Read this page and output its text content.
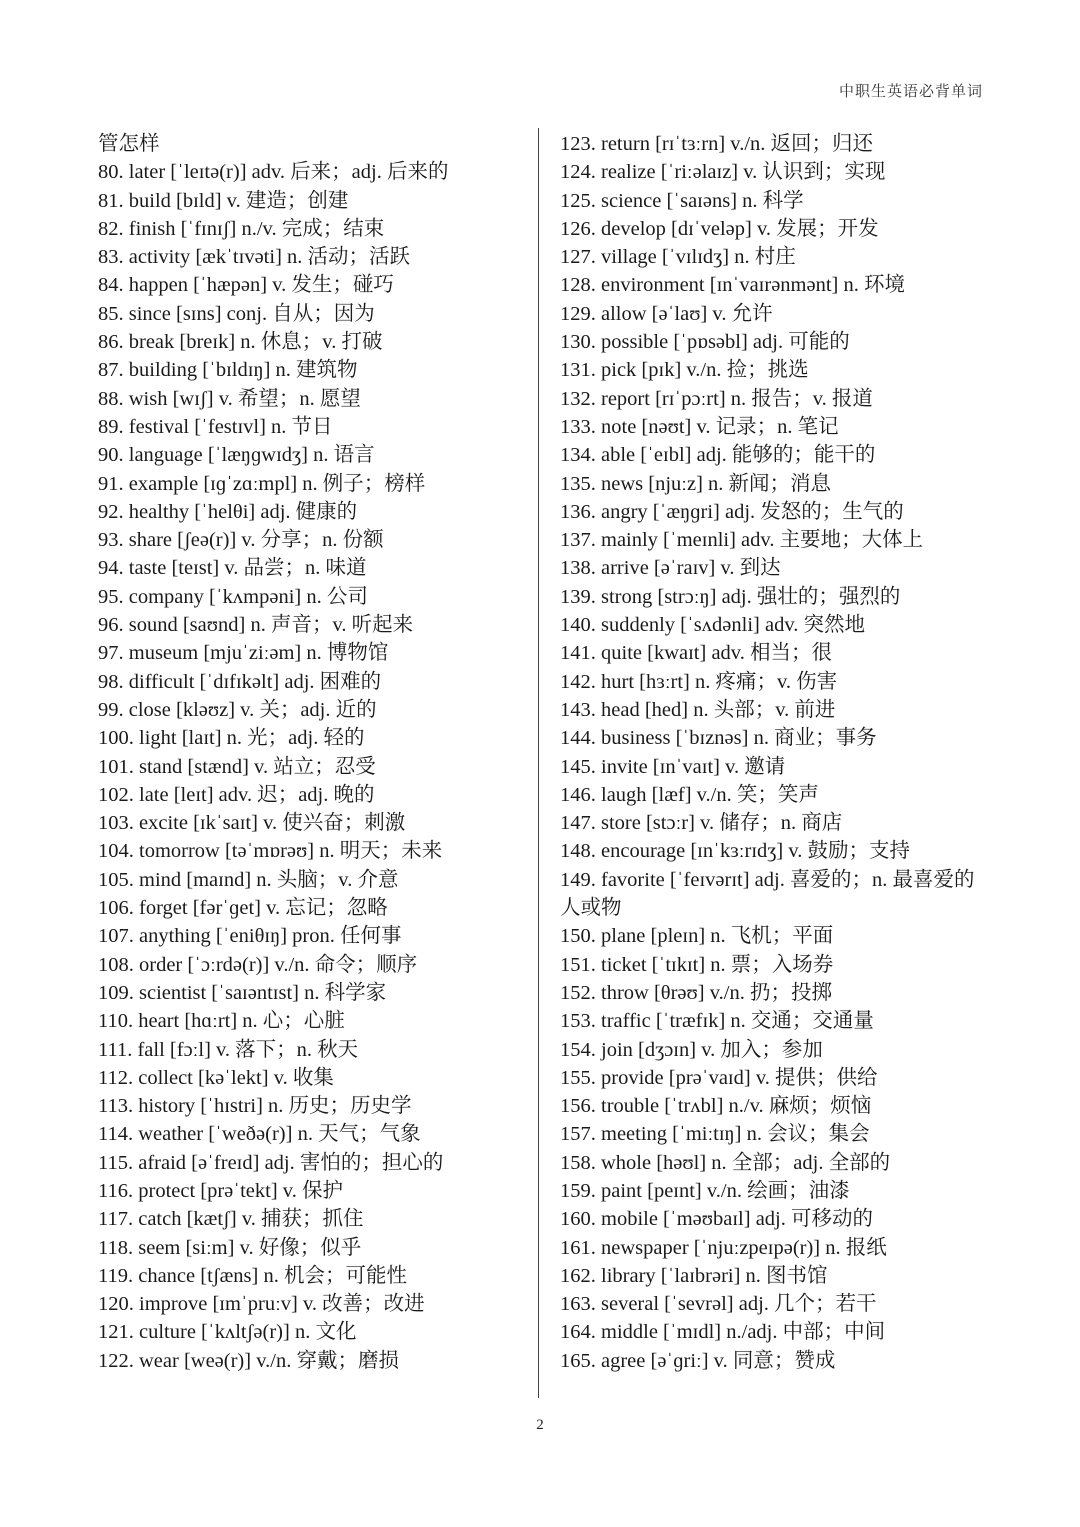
中职生英语必背单词
管怎样
80. later [ˈleɪtə(r)] adv. 后来；adj. 后来的
81. build [bɪld] v. 建造；创建
82. finish [ˈfɪnɪʃ] n./v. 完成；结束
83. activity [ækˈtɪvəti] n. 活动；活跃
84. happen [ˈhæpən] v. 发生；碰巧
85. since [sɪns] conj. 自从；因为
86. break [breɪk] n. 休息；v. 打破
87. building [ˈbɪldɪŋ] n. 建筑物
88. wish [wɪʃ] v. 希望；n. 愿望
89. festival [ˈfestɪvl] n. 节日
90. language [ˈlæŋɡwɪdʒ] n. 语言
91. example [ɪɡˈzɑːmpl] n. 例子；榜样
92. healthy [ˈhelθi] adj. 健康的
93. share [ʃeə(r)] v. 分享；n. 份额
94. taste [teɪst] v. 品尝；n. 味道
95. company [ˈkʌmpəni] n. 公司
96. sound [saʊnd] n. 声音；v. 听起来
97. museum [mjuˈziːəm] n. 博物馆
98. difficult [ˈdɪfɪkəlt] adj. 困难的
99. close [kləʊz] v. 关；adj. 近的
100. light [laɪt] n. 光；adj. 轻的
101. stand [stænd] v. 站立；忍受
102. late [leɪt] adv. 迟；adj. 晚的
103. excite [ɪkˈsaɪt] v. 使兴奋；刺激
104. tomorrow [təˈmɒrəʊ] n. 明天；未来
105. mind [maɪnd] n. 头脑；v. 介意
106. forget [fərˈɡet] v. 忘记；忽略
107. anything [ˈeniθɪŋ] pron. 任何事
108. order [ˈɔːrdə(r)] v./n. 命令；顺序
109. scientist [ˈsaɪəntɪst] n. 科学家
110. heart [hɑːrt] n. 心；心脏
111. fall [fɔːl] v. 落下；n. 秋天
112. collect [kəˈlekt] v. 收集
113. history [ˈhɪstri] n. 历史；历史学
114. weather [ˈweðə(r)] n. 天气；气象
115. afraid [əˈfreɪd] adj. 害怕的；担心的
116. protect [prəˈtekt] v. 保护
117. catch [kætʃ] v. 捕获；抓住
118. seem [siːm] v. 好像；似乎
119. chance [tʃæns] n. 机会；可能性
120. improve [ɪmˈpruːv] v. 改善；改进
121. culture [ˈkʌltʃə(r)] n. 文化
122. wear [weə(r)] v./n. 穿戴；磨损
123. return [rɪˈtɜːrn] v./n. 返回；归还
124. realize [ˈriːəlaɪz] v. 认识到；实现
125. science [ˈsaɪəns] n. 科学
126. develop [dɪˈveləp] v. 发展；开发
127. village [ˈvɪlɪdʒ] n. 村庄
128. environment [ɪnˈvaɪrənmənt] n. 环境
129. allow [əˈlaʊ] v. 允许
130. possible [ˈpɒsəbl] adj. 可能的
131. pick [pɪk] v./n. 捡；挑选
132. report [rɪˈpɔːrt] n. 报告；v. 报道
133. note [nəʊt] v. 记录；n. 笔记
134. able [ˈeɪbl] adj. 能够的；能干的
135. news [njuːz] n. 新闻；消息
136. angry [ˈæŋɡri] adj. 发怒的；生气的
137. mainly [ˈmeɪnli] adv. 主要地；大体上
138. arrive [əˈraɪv] v. 到达
139. strong [strɔːŋ] adj. 强壮的；强烈的
140. suddenly [ˈsʌdənli] adv. 突然地
141. quite [kwaɪt] adv. 相当；很
142. hurt [hɜːrt] n. 疼痛；v. 伤害
143. head [hed] n. 头部；v. 前进
144. business [ˈbɪznəs] n. 商业；事务
145. invite [ɪnˈvaɪt] v. 邀请
146. laugh [læf] v./n. 笑；笑声
147. store [stɔːr] v. 储存；n. 商店
148. encourage [ɪnˈkɜːrɪdʒ] v. 鼓励；支持
149. favorite [ˈfeɪvərɪt] adj. 喜爱的；n. 最喜爱的人或物
150. plane [pleɪn] n. 飞机；平面
151. ticket [ˈtɪkɪt] n. 票；入场券
152. throw [θrəʊ] v./n. 扔；投掷
153. traffic [ˈtræfɪk] n. 交通；交通量
154. join [dʒɔɪn] v. 加入；参加
155. provide [prəˈvaɪd] v. 提供；供给
156. trouble [ˈtrʌbl] n./v. 麻烦；烦恼
157. meeting [ˈmiːtɪŋ] n. 会议；集会
158. whole [həʊl] n. 全部；adj. 全部的
159. paint [peɪnt] v./n. 绘画；油漆
160. mobile [ˈməʊbaɪl] adj. 可移动的
161. newspaper [ˈnjuːzpeɪpə(r)] n. 报纸
162. library [ˈlaɪbrəri] n. 图书馆
163. several [ˈsevrəl] adj. 几个；若干
164. middle [ˈmɪdl] n./adj. 中部；中间
165. agree [əˈɡriː] v. 同意；赞成
2
